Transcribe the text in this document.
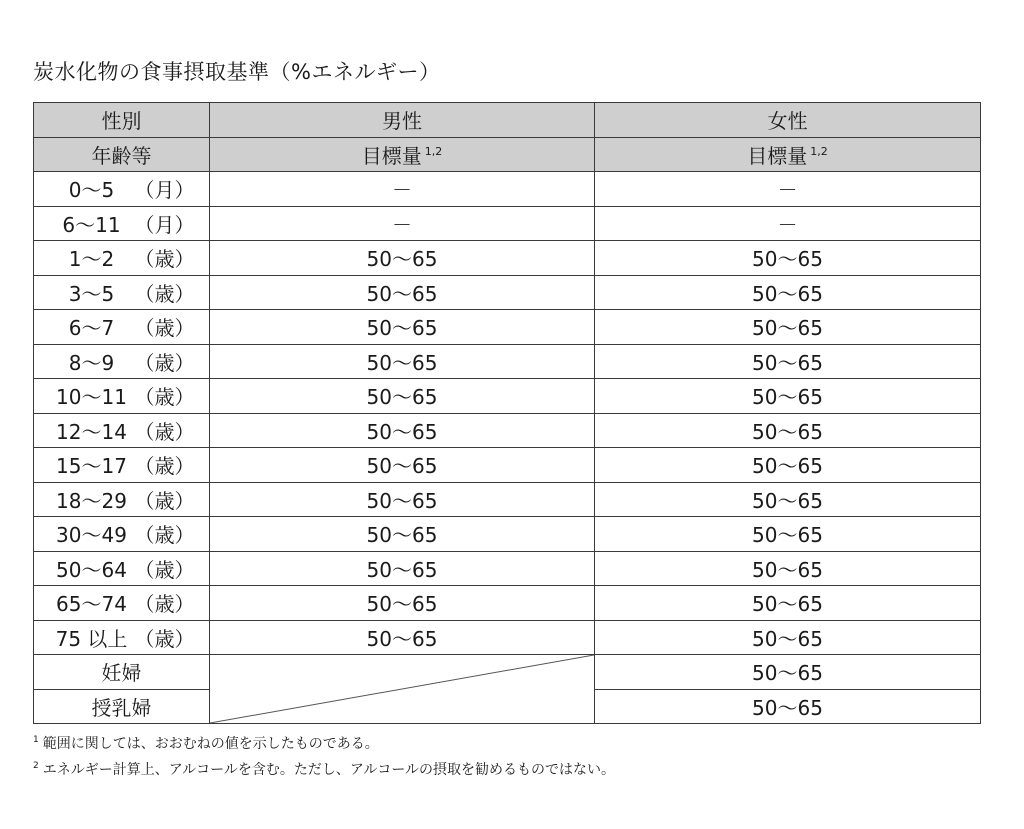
炭水化物の食事摂取基準（%エネルギー）
性別	男性	女性
年齢等	目標量 $^{1,2}$	目標量 $^{1,2}$
0～5 （月）	－	－
6～11 （月）	－	－
1～2 （歳）	50～65	50～65
3～5 （歳）	50～65	50～65
6～7 （歳）	50～65	50～65
8～9 （歳）	50～65	50～65
10～11 （歳）	50～65	50～65
12～14 （歳）	50～65	50～65
15～17 （歳）	50～65	50～65
18～29 （歳）	50～65	50～65
30～49 （歳）	50～65	50～65
50～64 （歳）	50～65	50～65
65～74 （歳）	50～65	50～65
75 以上 （歳）	50～65	50～65
妊婦		50～65
授乳婦		50～65
$^1$ 範囲に関しては、おおむねの値を示したものである。
$^2$ エネルギー計算上、アルコールを含む。ただし、アルコールの摂取を勧めるものではない。
